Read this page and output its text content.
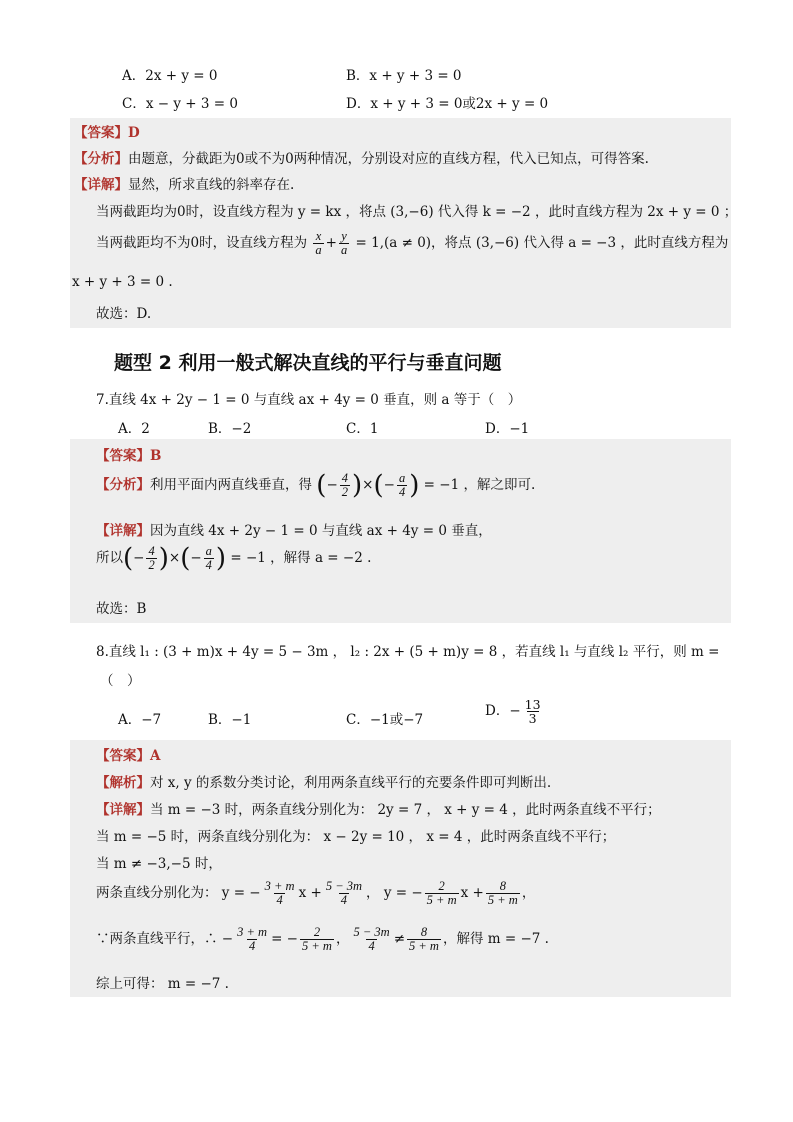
A．2x + y = 0	B．x + y + 3 = 0
C．x − y + 3 = 0	D．x + y + 3 = 0或2x + y = 0
【答案】D
【分析】由题意，分截距为0或不为0两种情况，分别设对应的直线方程，代入已知点，可得答案.
【详解】显然，所求直线的斜率存在.
当两截距均为0时，设直线方程为 y = kx ，将点 (3,−6) 代入得 k = −2 ，此时直线方程为 2x + y = 0 ；
当两截距均不为0时，设直线方程为 $\frac{x}{a} + \frac{y}{a} = 1,(a \ne 0)$，将点 (3,−6) 代入得 a = −3 ，此时直线方程为
x + y + 3 = 0 .
故选：D.
题型 2 利用一般式解决直线的平行与垂直问题
7.直线 4x + 2y − 1 = 0 与直线 ax + 4y = 0 垂直，则 a 等于（　）
A．2	B．−2	C．1	D．−1
【答案】B
【分析】利用平面内两直线垂直，得 (− $\frac{4}{2}$ )×(− $\frac{a}{4}$ ) = −1 ，解之即可.
【详解】因为直线 4x + 2y − 1 = 0 与直线 ax + 4y = 0 垂直，
所以(− $\frac{4}{2}$ )×(− $\frac{a}{4}$ ) = −1 ，解得 a = −2 .
故选：B
8.直线 l₁ : (3 + m)x + 4y = 5 − 3m ， l₂ : 2x + (5 + m)y = 8 ，若直线 l₁ 与直线 l₂ 平行，则 m =
（　）
A．−7	B．−1	C．−1或−7
D．− $\frac{13}{3}$
【答案】A
【解析】对 x, y 的系数分类讨论，利用两条直线平行的充要条件即可判断出.
【详解】当 m = −3 时，两条直线分别化为： 2y = 7 ， x + y = 4 ，此时两条直线不平行；
当 m = −5 时，两条直线分别化为： x − 2y = 10 ， x = 4 ，此时两条直线不平行；
当 m ≠ −3,−5 时，
两条直线分别化为： y = − $\frac{3 + m}{4}$ $x + \frac{5 - 3m}{4}$ ， y = − $\frac{2}{5 + m}$ $x + \frac{8}{5 + m}$ ，
∵两条直线平行，∴ − $\frac{3 + m}{4}$ = − $\frac{2}{5 + m}$ ， $\frac{5 - 3m}{4} \ne \frac{8}{5 + m}$ ，解得 m = −7 .
综上可得： m = −7 .
